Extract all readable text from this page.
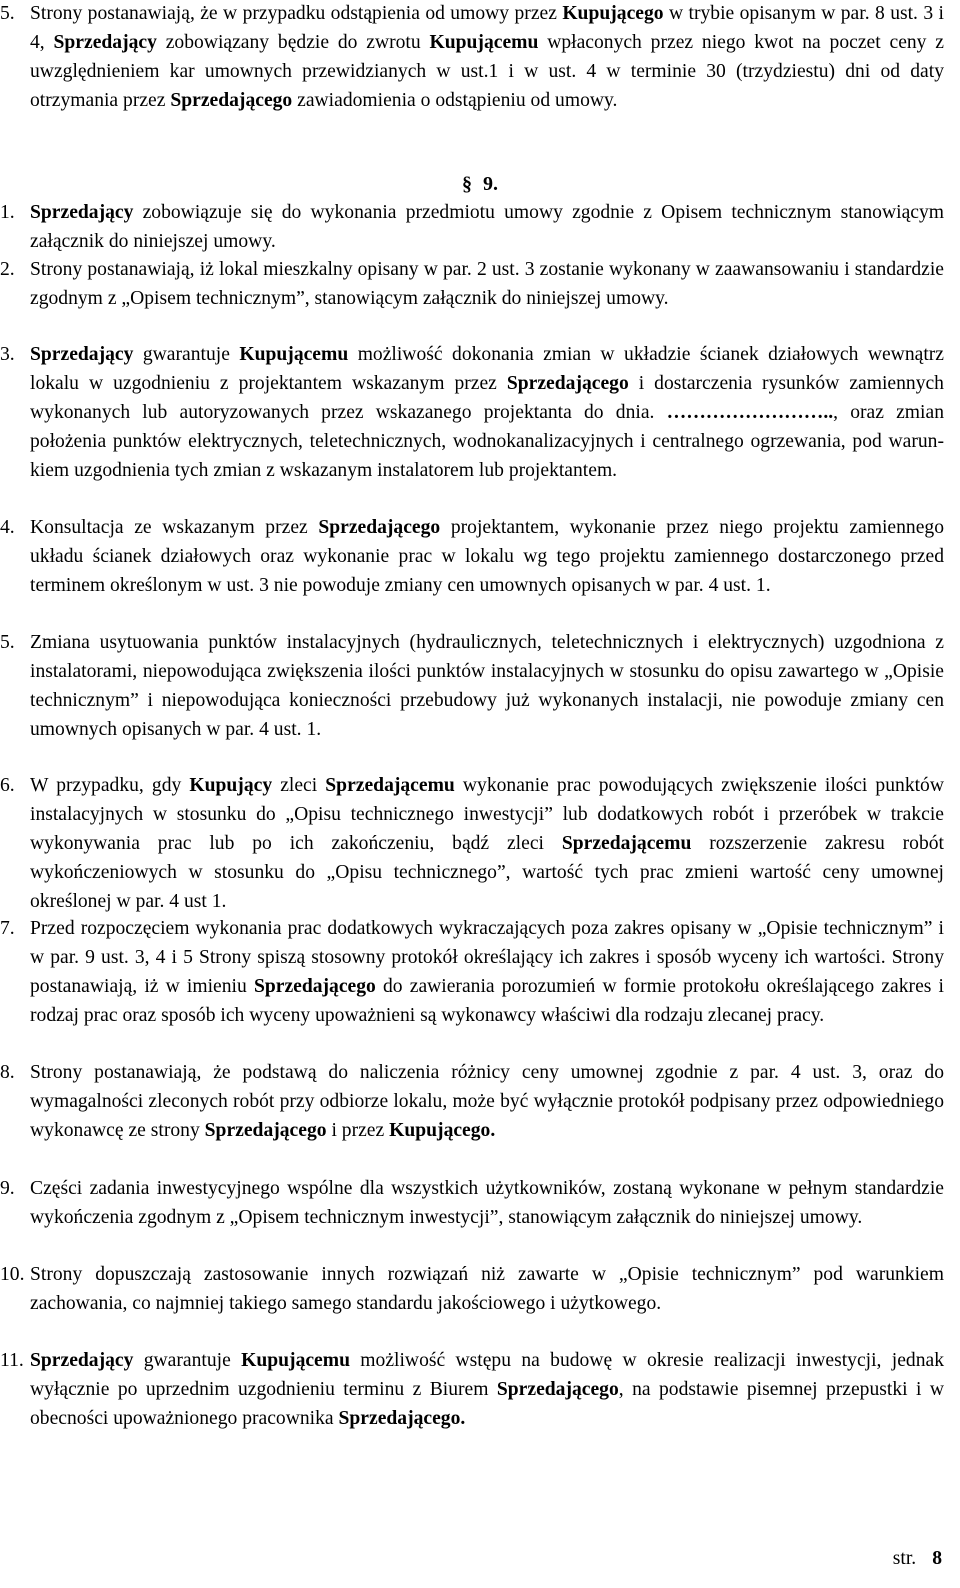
5. Strony postanawiają, że w przypadku odstąpienia od umowy przez Kupującego w trybie opisanym w par. 8 ust. 3 i 4, Sprzedający zobowiązany będzie do zwrotu Kupującemu wpłaconych przez niego kwot na poczet ceny z uwzględnieniem kar umownych przewidzianych w ust.1 i w ust. 4 w terminie 30 (trzydziestu) dni od daty otrzymania przez Sprzedającego zawiadomienia o odstąpieniu od umowy.
§ 9.
1. Sprzedający zobowiązuje się do wykonania przedmiotu umowy zgodnie z Opisem technicznym stanowiącym załącznik do niniejszej umowy.
2. Strony postanawiają, iż lokal mieszkalny opisany w par. 2 ust. 3 zostanie wykonany w zaawansowaniu i standardzie zgodnym z „Opisem technicznym”, stanowiącym załącznik do niniejszej umowy.
3. Sprzedający gwarantuje Kupującemu możliwość dokonania zmian w układzie ścianek działowych wewnątrz lokalu w uzgodnieniu z projektantem wskazanym przez Sprzedającego i dostarczenia rysunków zamiennych wykonanych lub autoryzowanych przez wskazanego projektanta do dnia. …………………….., oraz zmian położenia punktów elektrycznych, teletechnicznych, wodnokanalizacyjnych i centralnego ogrzewania, pod warunkiem uzgodnienia tych zmian z wskazanym instalatorem lub projektantem.
4. Konsultacja ze wskazanym przez Sprzedającego projektantem, wykonanie przez niego projektu zamiennego układu ścianek działowych oraz wykonanie prac w lokalu wg tego projektu zamiennego dostarczonego przed terminem określonym w ust. 3 nie powoduje zmiany cen umownych opisanych w par. 4 ust. 1.
5. Zmiana usytuowania punktów instalacyjnych (hydraulicznych, teletechnicznych i elektrycznych) uzgodniona z instalatorami, niepowodująca zwiększenia ilości punktów instalacyjnych w stosunku do opisu zawartego w „Opisie technicznym” i niepowodująca konieczności przebudowy już wykonanych instalacji, nie powoduje zmiany cen umownych opisanych w par. 4 ust. 1.
6. W przypadku, gdy Kupujący zleci Sprzedającemu wykonanie prac powodujących zwiększenie ilości punktów instalacyjnych w stosunku do „Opisu technicznego inwestycji” lub dodatkowych robót i przeróbek w trakcie wykonywania prac lub po ich zakończeniu, bądź zleci Sprzedającemu rozszerzenie zakresu robót wykończeniowych w stosunku do „Opisu technicznego”, wartość tych prac zmieni wartość ceny umownej określonej w par. 4 ust 1.
7. Przed rozpoczęciem wykonania prac dodatkowych wykraczających poza zakres opisany w „Opisie technicznym” i w par. 9 ust. 3, 4 i 5 Strony spiszą stosowny protokół określający ich zakres i sposób wyceny ich wartości. Strony postanawiają, iż w imieniu Sprzedającego do zawierania porozumień w formie protokołu określającego zakres i rodzaj prac oraz sposób ich wyceny upoważnieni są wykonawcy właściwi dla rodzaju zlecanej pracy.
8. Strony postanawiają, że podstawą do naliczenia różnicy ceny umownej zgodnie z par. 4 ust. 3, oraz do wymagalności zleconych robót przy odbiorze lokalu, może być wyłącznie protokół podpisany przez odpowiedniego wykonawcę ze strony Sprzedającego i przez Kupującego.
9. Części zadania inwestycyjnego wspólne dla wszystkich użytkowników, zostaną wykonane w pełnym standardzie wykończenia zgodnym z „Opisem technicznym inwestycji”, stanowiącym załącznik do niniejszej umowy.
10. Strony dopuszczają zastosowanie innych rozwiązań niż zawarte w „Opisie technicznym” pod warunkiem zachowania, co najmniej takiego samego standardu jakościowego i użytkowego.
11. Sprzedający gwarantuje Kupującemu możliwość wstępu na budowę w okresie realizacji inwestycji, jednak wyłącznie po uprzednim uzgodnieniu terminu z Biurem Sprzedającego, na podstawie pisemnej przepustki i w obecności upoważnionego pracownika Sprzedającego.
str. 8
